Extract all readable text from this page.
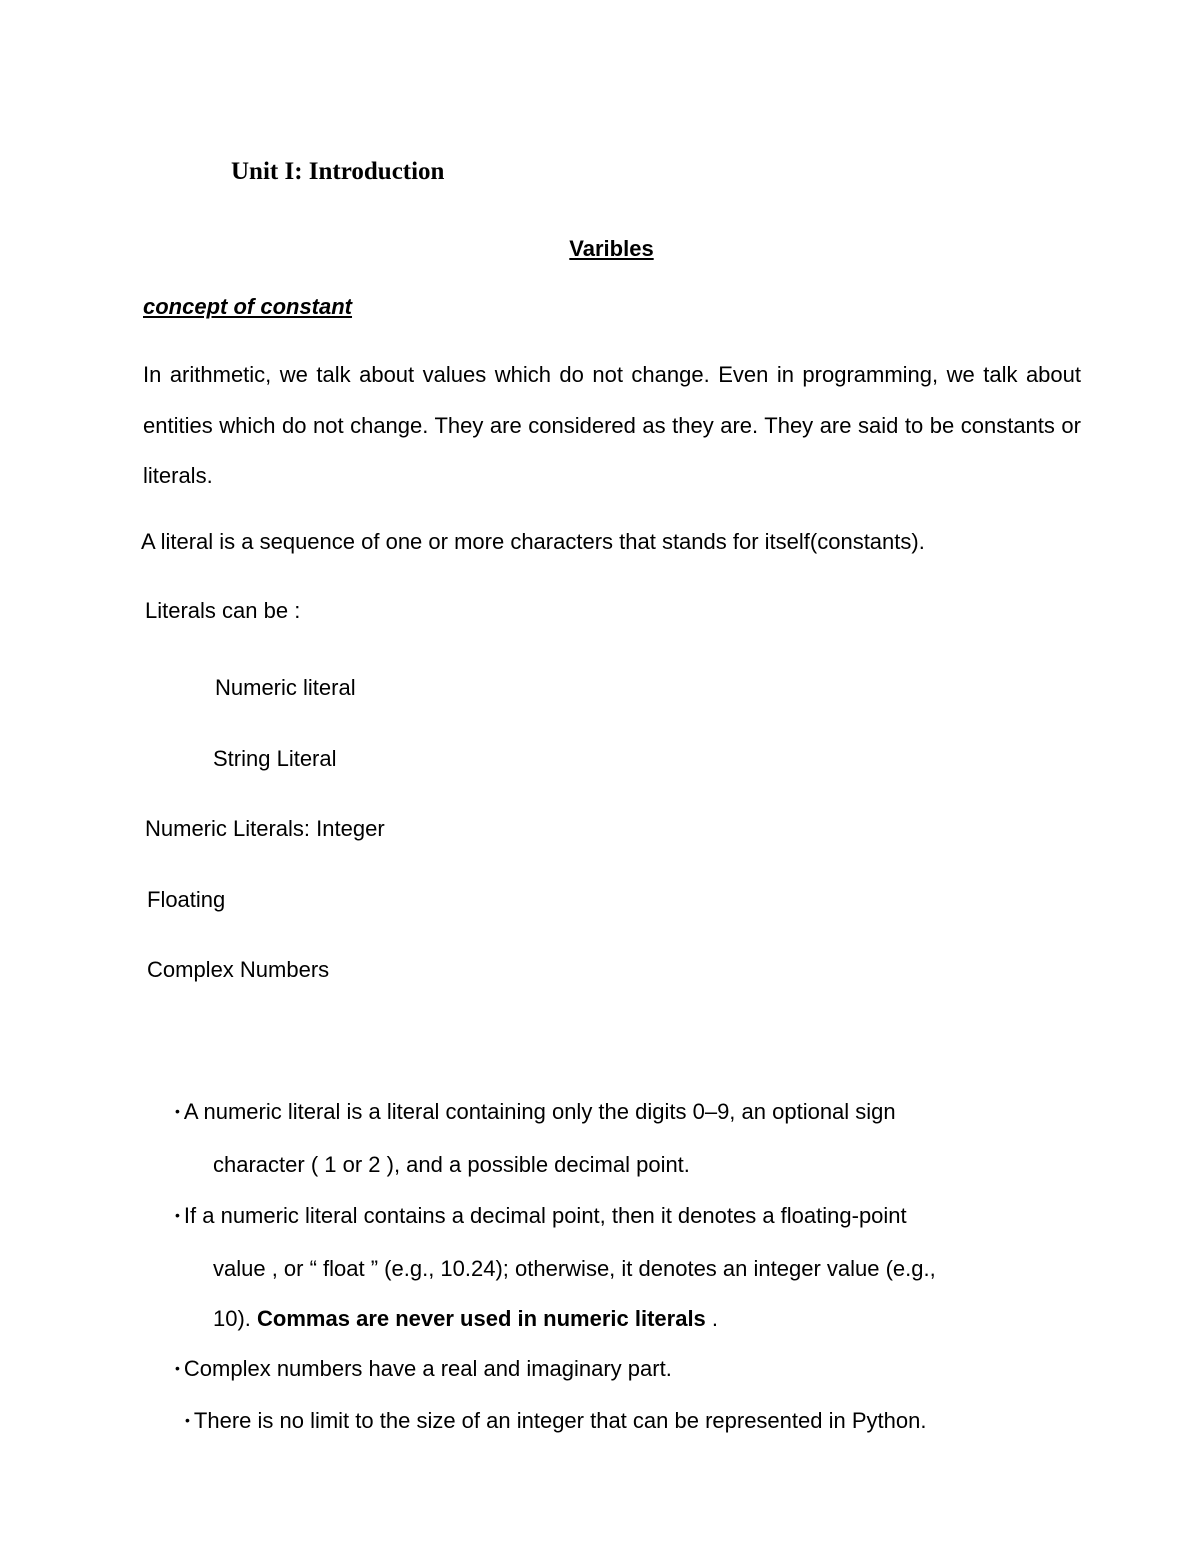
Unit I: Introduction
Varibles
concept of constant
In arithmetic, we talk about values which do not change. Even in programming, we talk about entities which do not change. They are considered as they are. They are said to be constants or literals.
A literal is a sequence of one or more characters that stands for itself(constants).
Literals can be :
Numeric literal
String Literal
Numeric Literals: Integer
Floating
Complex Numbers
• A numeric literal is a literal containing only the digits 0–9, an optional sign
character ( 1 or 2 ), and a possible decimal point.
• If a numeric literal contains a decimal point, then it denotes a floating-point
value , or “ float ” (e.g., 10.24); otherwise, it denotes an integer value (e.g.,
10). Commas are never used in numeric literals .
• Complex numbers have a real and imaginary part.
• There is no limit to the size of an integer that can be represented in Python.
